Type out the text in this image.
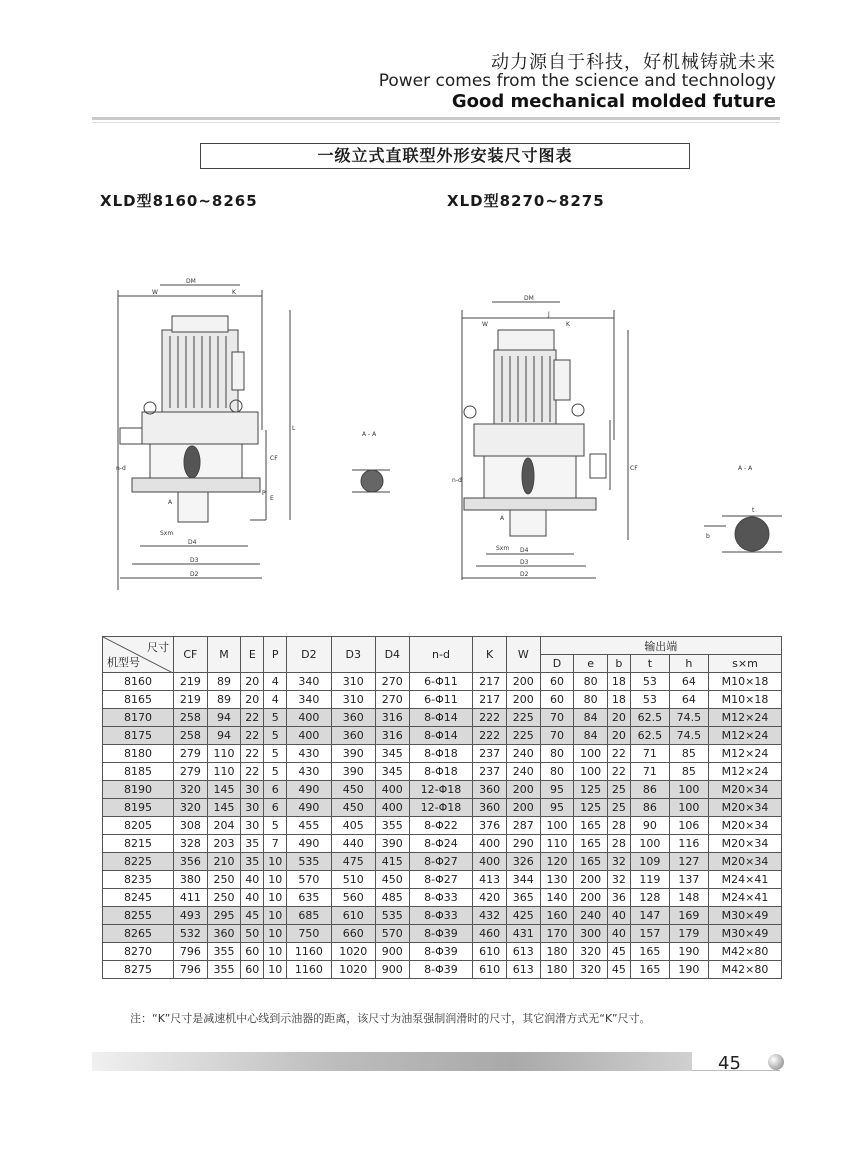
动力源自于科技，好机械铸就未来
Power comes from the science and technology
Good mechanical molded future
一级立式直联型外形安装尺寸图表
XLD型8160~8265	XLD型8270~8275
DM
W	K
CF
L
n-d
P
E
Sxm
D4
D3
D2
A
A - A
DM
J
W	K
CF
n-d
Sxm D4
D3
D2
A
A - A
t
b
尺寸
机型号	CF	M	E	P	D2	D3	D4	n-d	K	W	输出端					
											D	e	b	t	h	s×m
8160	219	89	20	4	340	310	270	6-Φ11	217	200	60	80	18	53	64	M10×18
8165	219	89	20	4	340	310	270	6-Φ11	217	200	60	80	18	53	64	M10×18
8170	258	94	22	5	400	360	316	8-Φ14	222	225	70	84	20	62.5	74.5	M12×24
8175	258	94	22	5	400	360	316	8-Φ14	222	225	70	84	20	62.5	74.5	M12×24
8180	279	110	22	5	430	390	345	8-Φ18	237	240	80	100	22	71	85	M12×24
8185	279	110	22	5	430	390	345	8-Φ18	237	240	80	100	22	71	85	M12×24
8190	320	145	30	6	490	450	400	12-Φ18	360	200	95	125	25	86	100	M20×34
8195	320	145	30	6	490	450	400	12-Φ18	360	200	95	125	25	86	100	M20×34
8205	308	204	30	5	455	405	355	8-Φ22	376	287	100	165	28	90	106	M20×34
8215	328	203	35	7	490	440	390	8-Φ24	400	290	110	165	28	100	116	M20×34
8225	356	210	35	10	535	475	415	8-Φ27	400	326	120	165	32	109	127	M20×34
8235	380	250	40	10	570	510	450	8-Φ27	413	344	130	200	32	119	137	M24×41
8245	411	250	40	10	635	560	485	8-Φ33	420	365	140	200	36	128	148	M24×41
8255	493	295	45	10	685	610	535	8-Φ33	432	425	160	240	40	147	169	M30×49
8265	532	360	50	10	750	660	570	8-Φ39	460	431	170	300	40	157	179	M30×49
8270	796	355	60	10	1160	1020	900	8-Φ39	610	613	180	320	45	165	190	M42×80
8275	796	355	60	10	1160	1020	900	8-Φ39	610	613	180	320	45	165	190	M42×80
注：“K”尺寸是减速机中心线到示油器的距离，该尺寸为油泵强制润滑时的尺寸，其它润滑方式无“K”尺寸。
45
